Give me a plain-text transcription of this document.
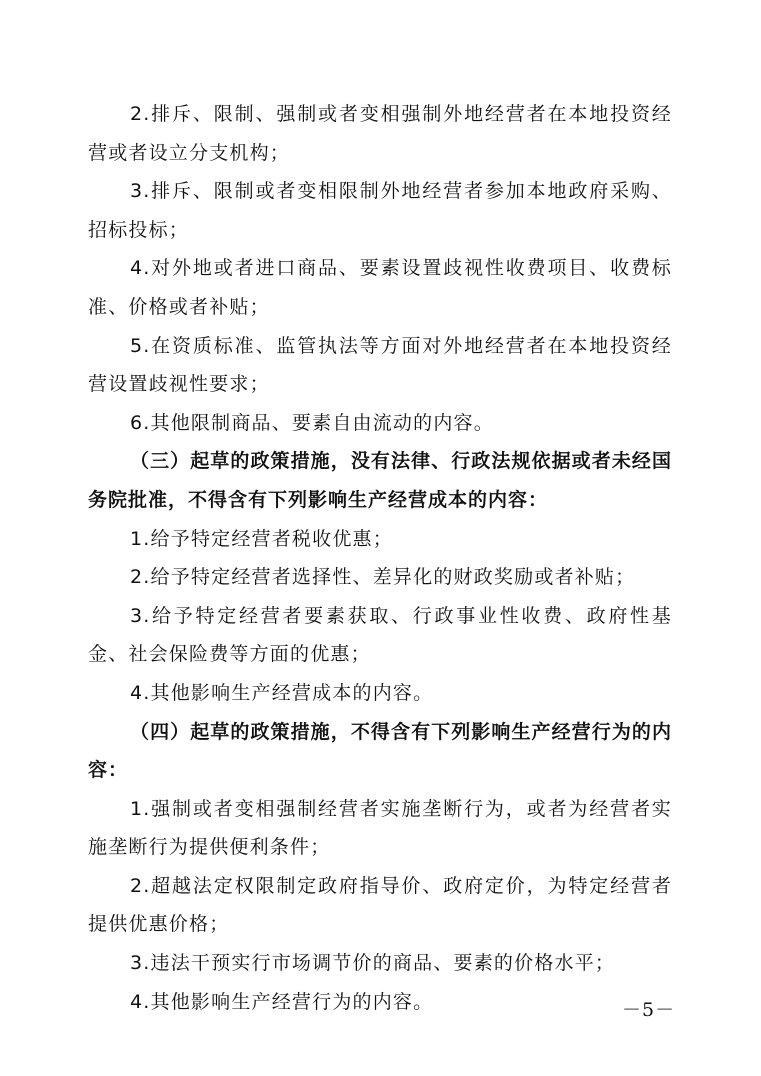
2.排斥、限制、强制或者变相强制外地经营者在本地投资经营或者设立分支机构；

3.排斥、限制或者变相限制外地经营者参加本地政府采购、招标投标；

4.对外地或者进口商品、要素设置歧视性收费项目、收费标准、价格或者补贴；

5.在资质标准、监管执法等方面对外地经营者在本地投资经营设置歧视性要求；

6.其他限制商品、要素自由流动的内容。

（三）起草的政策措施，没有法律、行政法规依据或者未经国务院批准，不得含有下列影响生产经营成本的内容：

1.给予特定经营者税收优惠；

2.给予特定经营者选择性、差异化的财政奖励或者补贴；

3.给予特定经营者要素获取、行政事业性收费、政府性基金、社会保险费等方面的优惠；

4.其他影响生产经营成本的内容。

（四）起草的政策措施，不得含有下列影响生产经营行为的内容：

1.强制或者变相强制经营者实施垄断行为，或者为经营者实施垄断行为提供便利条件；

2.超越法定权限制定政府指导价、政府定价，为特定经营者提供优惠价格；

3.违法干预实行市场调节价的商品、要素的价格水平；

4.其他影响生产经营行为的内容。	－5－
